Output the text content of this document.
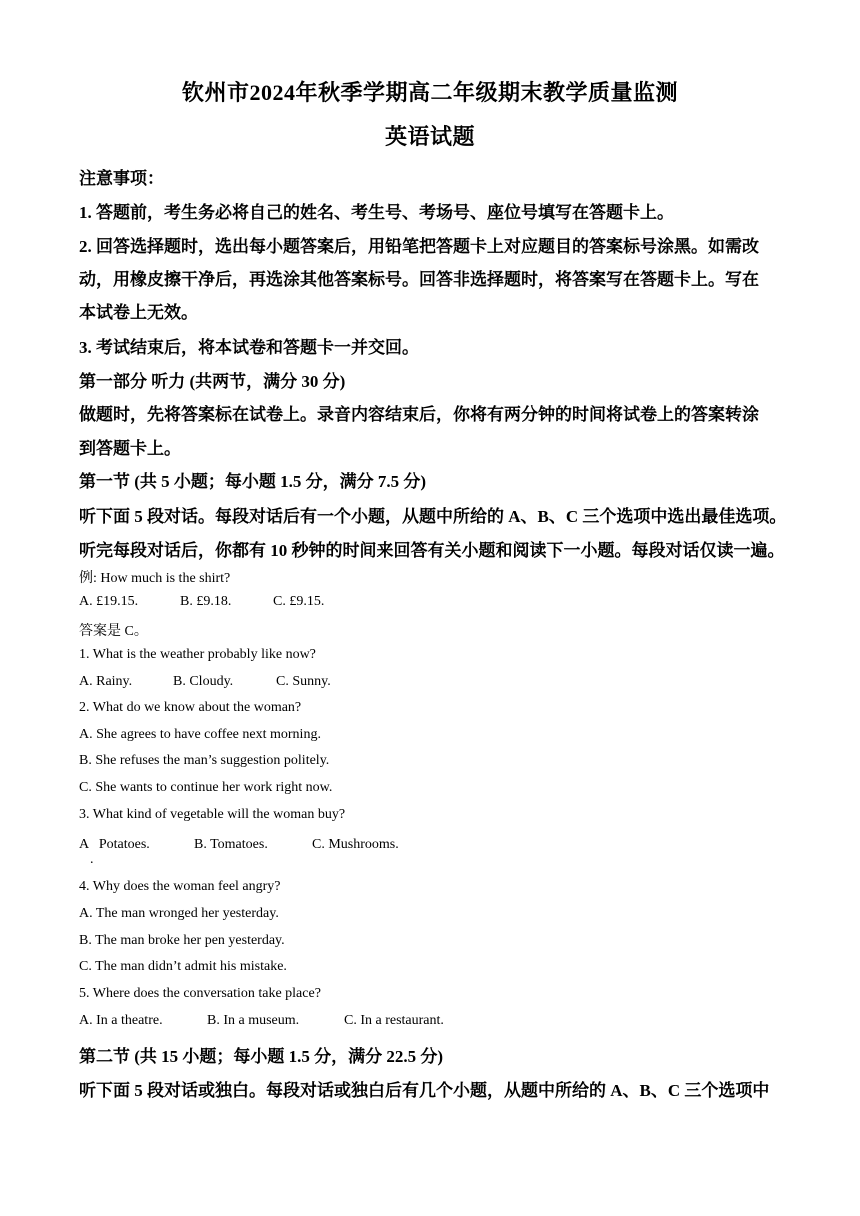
钦州市2024年秋季学期高二年级期末教学质量监测
英语试题
注意事项：
1. 答题前，考生务必将自己的姓名、考生号、考场号、座位号填写在答题卡上。
2. 回答选择题时，选出每小题答案后，用铅笔把答题卡上对应题目的答案标号涂黑。如需改
动，用橡皮擦干净后，再选涂其他答案标号。回答非选择题时，将答案写在答题卡上。写在
本试卷上无效。
3. 考试结束后，将本试卷和答题卡一并交回。
第一部分 听力 (共两节，满分 30 分)
做题时，先将答案标在试卷上。录音内容结束后，你将有两分钟的时间将试卷上的答案转涂
到答题卡上。
第一节 (共 5 小题；每小题 1.5 分，满分 7.5 分)
听下面 5 段对话。每段对话后有一个小题，从题中所给的 A、B、C 三个选项中选出最佳选项。
听完每段对话后，你都有 10 秒钟的时间来回答有关小题和阅读下一小题。每段对话仅读一遍。
例: How much is the shirt?
A. £19.15.	B. £9.18.	C. £9.15.
答案是 C。
1. What is the weather probably like now?
A. Rainy.	B. Cloudy.	C. Sunny.
2. What do we know about the woman?
A. She agrees to have coffee next morning.
B. She refuses the man’s suggestion politely.
C. She wants to continue her work right now.
3. What kind of vegetable will the woman buy?
A   Potatoes.	B. Tomatoes.	C. Mushrooms.
.
4. Why does the woman feel angry?
A. The man wronged her yesterday.
B. The man broke her pen yesterday.
C. The man didn’t admit his mistake.
5. Where does the conversation take place?
A. In a theatre.	B. In a museum.	C. In a restaurant.
第二节 (共 15 小题；每小题 1.5 分，满分 22.5 分)
听下面 5 段对话或独白。每段对话或独白后有几个小题，从题中所给的 A、B、C 三个选项中
